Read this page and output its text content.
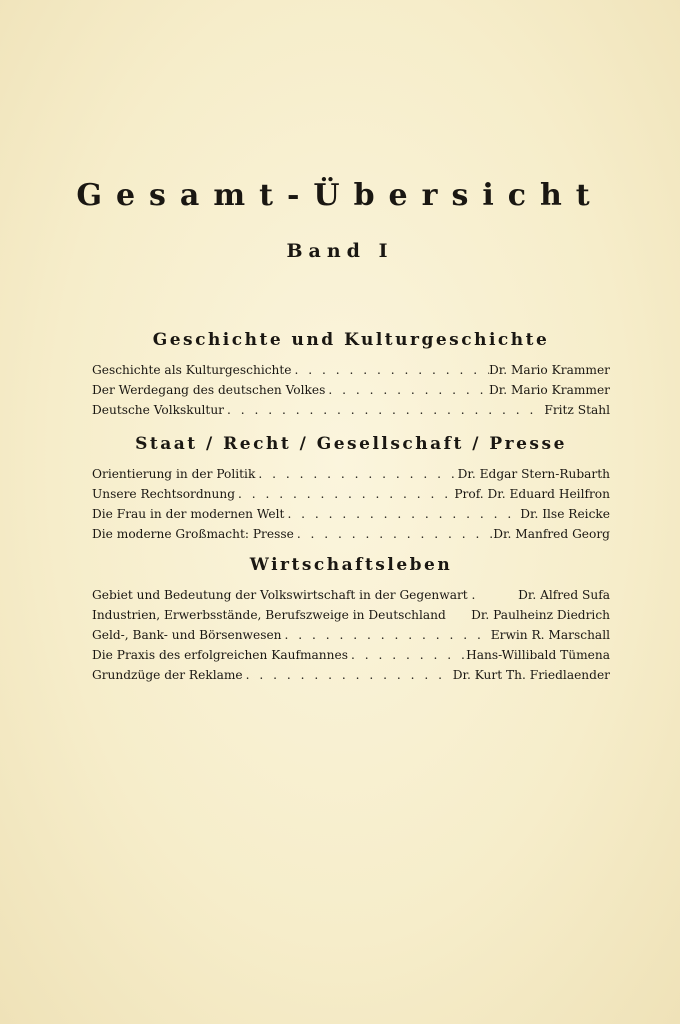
Gesamt-Übersicht
Band I
Geschichte und Kulturgeschichte
Geschichte als Kulturgeschichte . . .	Dr. Mario Krammer
Der Werdegang des deutschen Volkes . . .	Dr. Mario Krammer
Deutsche Volkskultur . . .	Fritz Stahl
Staat / Recht / Gesellschaft / Presse
Orientierung in der Politik . . .	Dr. Edgar Stern-Rubarth
Unsere Rechtsordnung . . .	Prof. Dr. Eduard Heilfron
Die Frau in der modernen Welt . . .	Dr. Ilse Reicke
Die moderne Großmacht: Presse . . .	Dr. Manfred Georg
Wirtschaftsleben
Gebiet und Bedeutung der Volkswirtschaft in der Gegenwart .	Dr. Alfred Sufa
Industrien, Erwerbsstände, Berufszweige in Deutschland	Dr. Paulheinz Diedrich
Geld-, Bank- und Börsenwesen . . .	Erwin R. Marschall
Die Praxis des erfolgreichen Kaufmannes . . .	Hans-Willibald Tümena
Grundzüge der Reklame . . .	Dr. Kurt Th. Friedlaender
